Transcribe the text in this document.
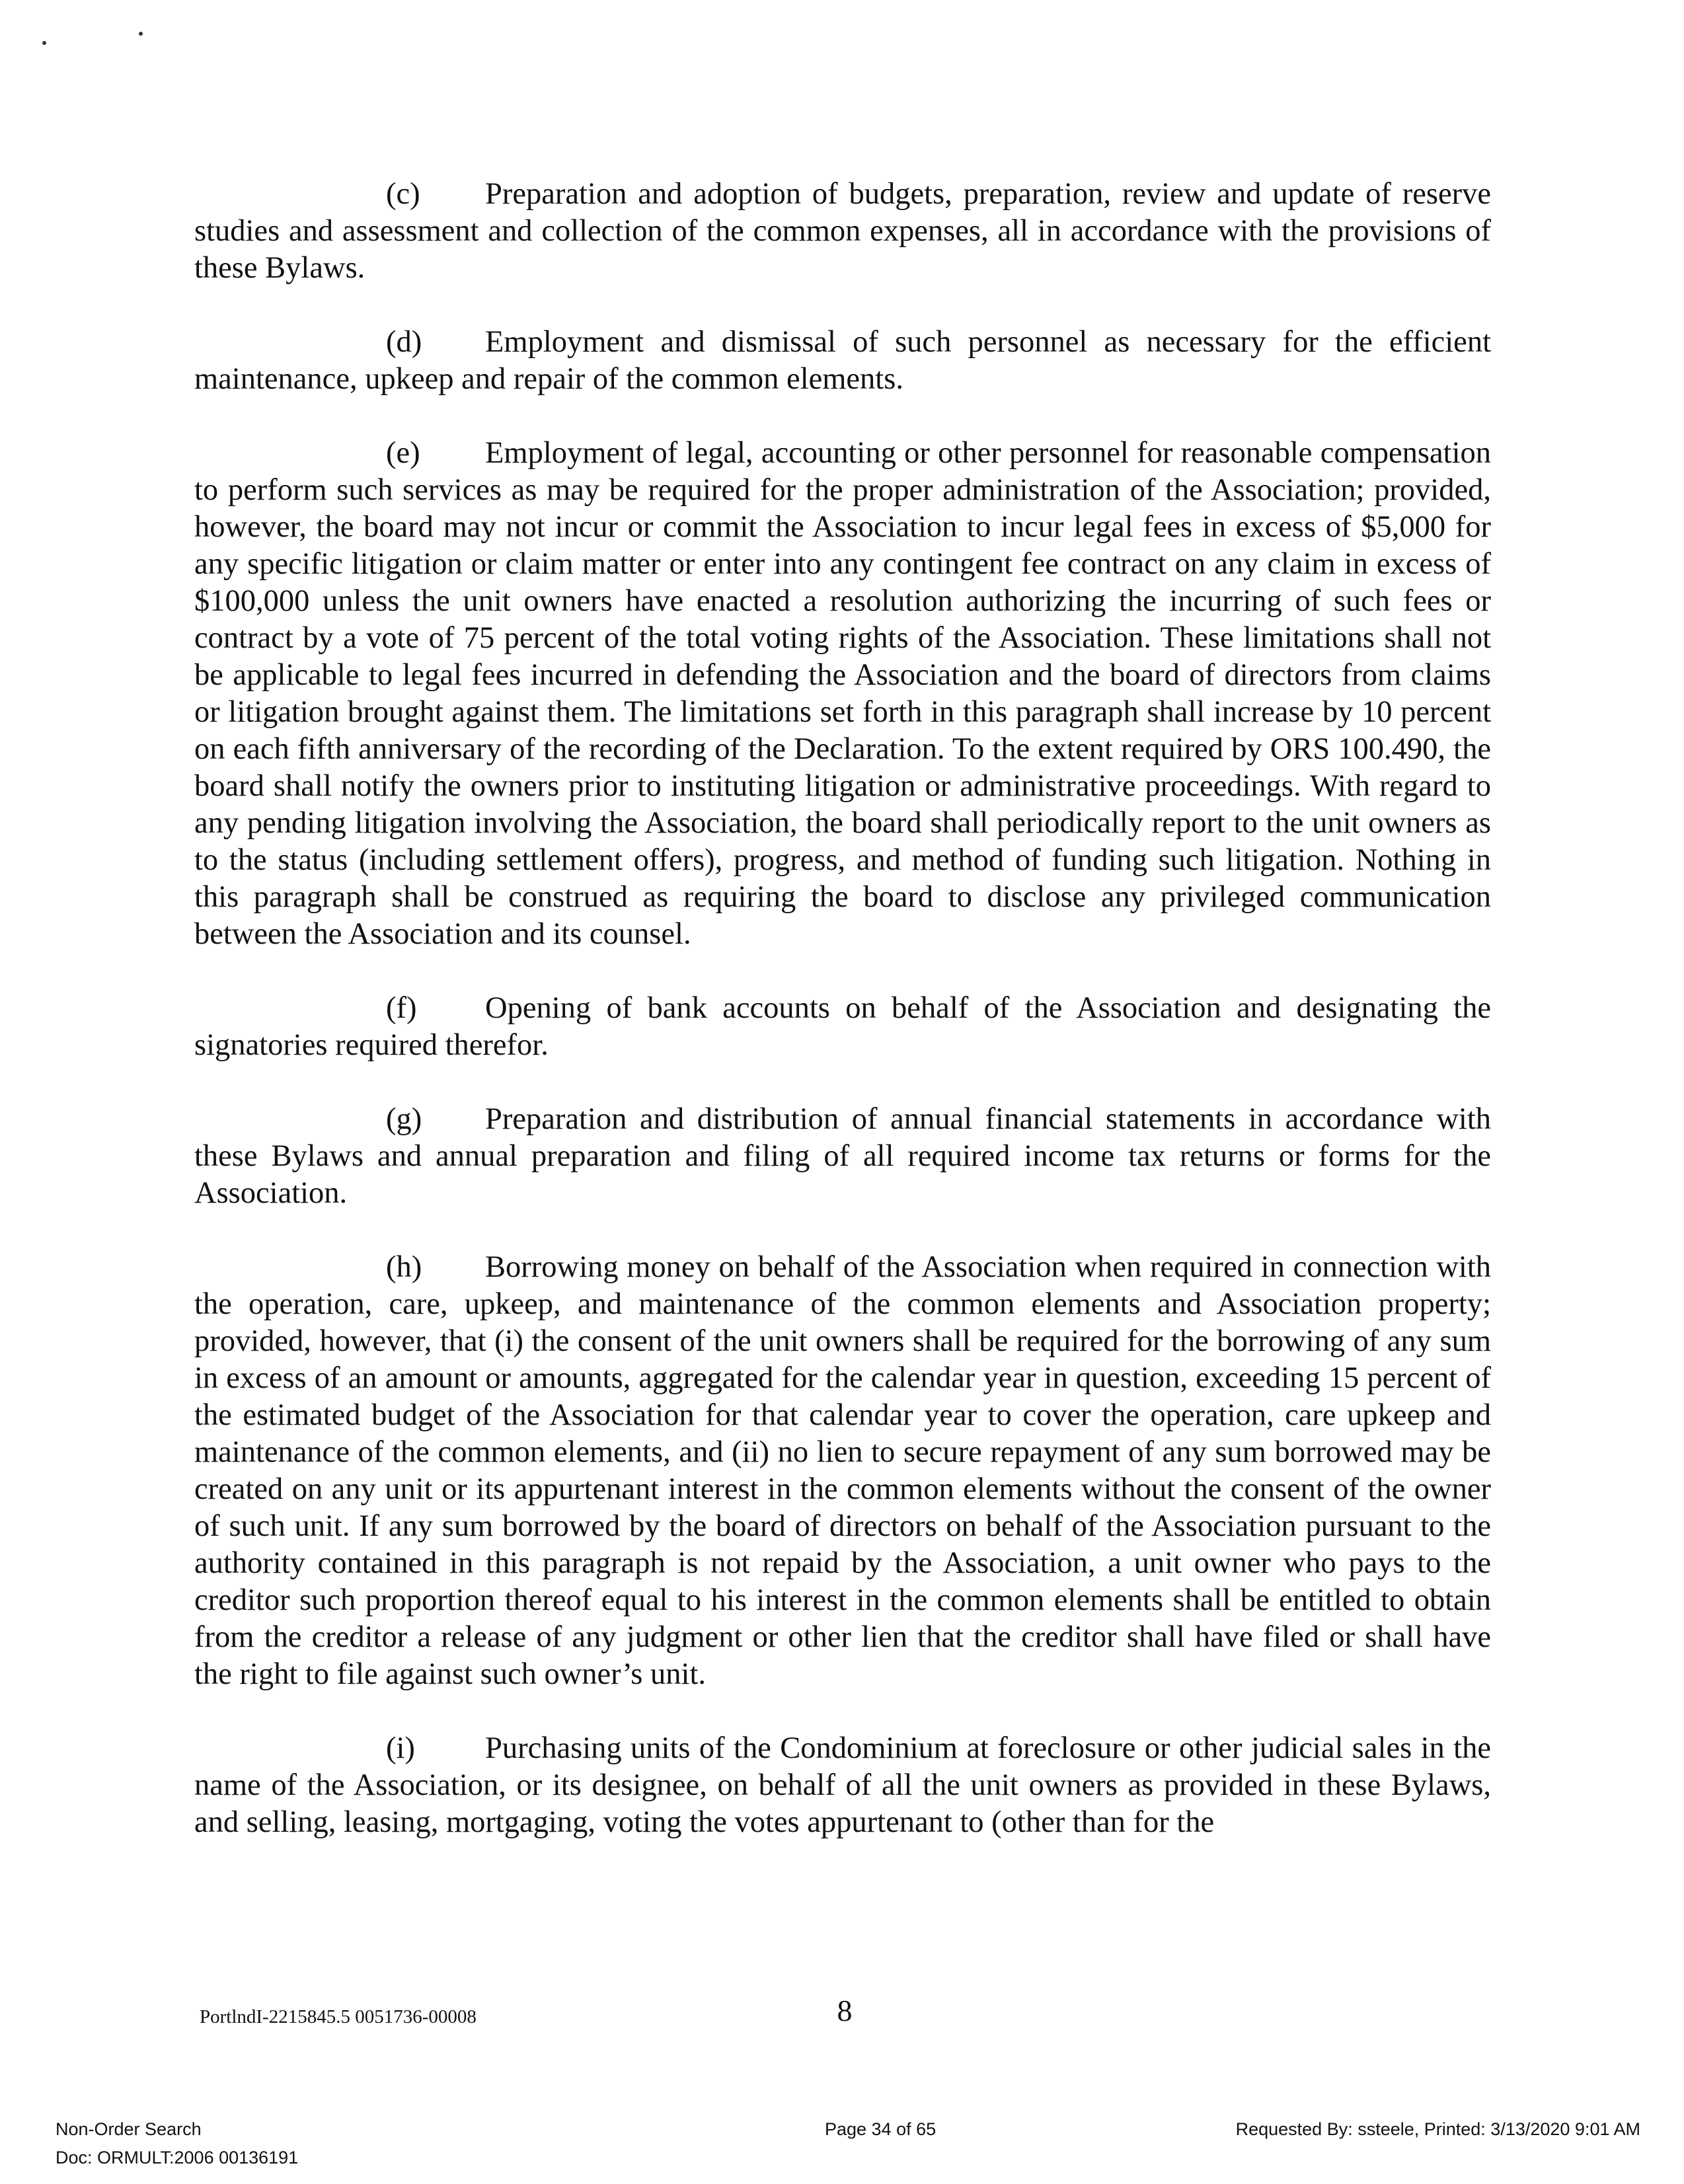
(c) Preparation and adoption of budgets, preparation, review and update of reserve studies and assessment and collection of the common expenses, all in accordance with the provisions of these Bylaws.

(d) Employment and dismissal of such personnel as necessary for the efficient maintenance, upkeep and repair of the common elements.

(e) Employment of legal, accounting or other personnel for reasonable compensation to perform such services as may be required for the proper administration of the Association; provided, however, the board may not incur or commit the Association to incur legal fees in excess of $5,000 for any specific litigation or claim matter or enter into any contingent fee contract on any claim in excess of $100,000 unless the unit owners have enacted a resolution authorizing the incurring of such fees or contract by a vote of 75 percent of the total voting rights of the Association. These limitations shall not be applicable to legal fees incurred in defending the Association and the board of directors from claims or litigation brought against them. The limitations set forth in this paragraph shall increase by 10 percent on each fifth anniversary of the recording of the Declaration. To the extent required by ORS 100.490, the board shall notify the owners prior to instituting litigation or administrative proceedings. With regard to any pending litigation involving the Association, the board shall periodically report to the unit owners as to the status (including settlement offers), progress, and method of funding such litigation. Nothing in this paragraph shall be construed as requiring the board to disclose any privileged communication between the Association and its counsel.

(f) Opening of bank accounts on behalf of the Association and designating the signatories required therefor.

(g) Preparation and distribution of annual financial statements in accordance with these Bylaws and annual preparation and filing of all required income tax returns or forms for the Association.

(h) Borrowing money on behalf of the Association when required in connection with the operation, care, upkeep, and maintenance of the common elements and Association property; provided, however, that (i) the consent of the unit owners shall be required for the borrowing of any sum in excess of an amount or amounts, aggregated for the calendar year in question, exceeding 15 percent of the estimated budget of the Association for that calendar year to cover the operation, care upkeep and maintenance of the common elements, and (ii) no lien to secure repayment of any sum borrowed may be created on any unit or its appurtenant interest in the common elements without the consent of the owner of such unit. If any sum borrowed by the board of directors on behalf of the Association pursuant to the authority contained in this paragraph is not repaid by the Association, a unit owner who pays to the creditor such proportion thereof equal to his interest in the common elements shall be entitled to obtain from the creditor a release of any judgment or other lien that the creditor shall have filed or shall have the right to file against such owner’s unit.

(i) Purchasing units of the Condominium at foreclosure or other judicial sales in the name of the Association, or its designee, on behalf of all the unit owners as provided in these Bylaws, and selling, leasing, mortgaging, voting the votes appurtenant to (other than for the

PortlndI-2215845.5 0051736-00008	8
Non-Order Search
Doc: ORMULT:2006 00136191
Page 34 of 65	Requested By: ssteele, Printed: 3/13/2020 9:01 AM
